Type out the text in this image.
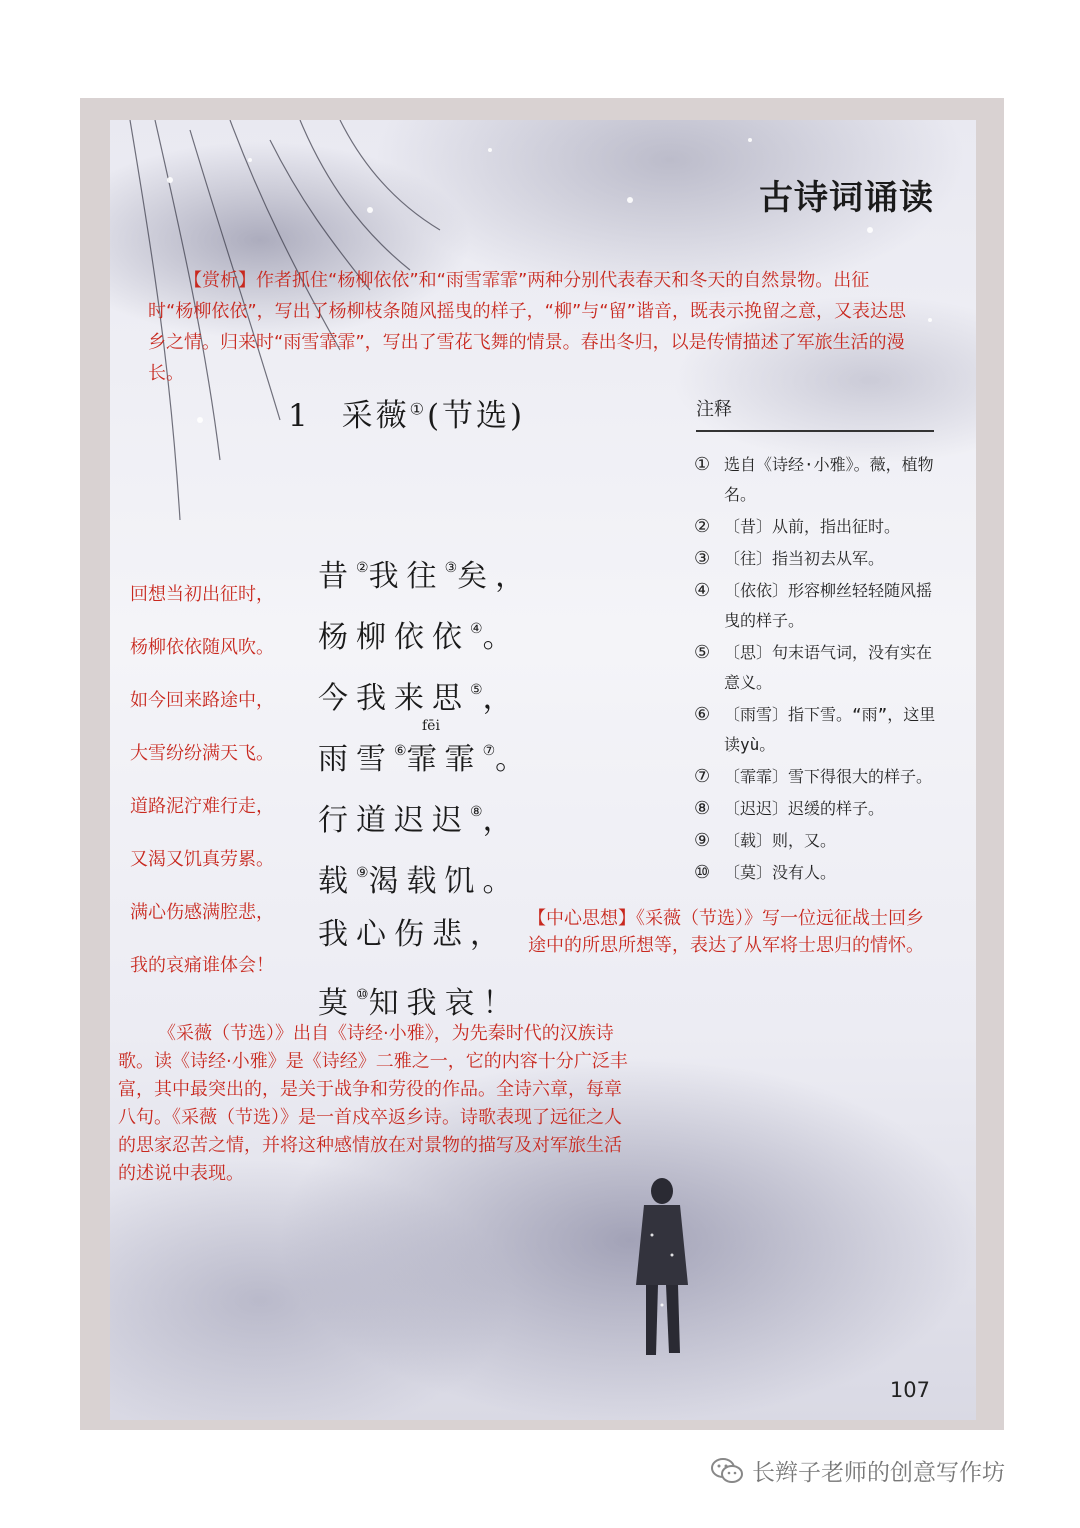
古诗词诵读

【赏析】作者抓住“杨柳依依”和“雨雪霏霏”两种分别代表春天和冬天的自然景物。出征时“杨柳依依”，写出了杨柳枝条随风摇曳的样子，“柳”与“留”谐音，既表示挽留之意，又表达思乡之情。归来时“雨雪霏霏”，写出了雪花飞舞的情景。春出冬归，以是传情描述了军旅生活的漫长。

1 采薇①(节选)	注释
① 选自《诗经·小雅》。薇，植物名。
② 〔昔〕从前，指出征时。
③ 〔往〕指当初去从军。
④ 〔依依〕形容柳丝轻轻随风摇曳的样子。
⑤ 〔思〕句末语气词，没有实在意义。
⑥ 〔雨雪〕指下雪。“雨”，这里读yù。
⑦ 〔霏霏〕雪下得很大的样子。
⑧ 〔迟迟〕迟缓的样子。
⑨ 〔载〕则，又。
⑩ 〔莫〕没有人。
昔②我往③矣，
杨柳依依④。
今我来思⑤，
fēi
雨雪⑥霏霏⑦。
行道迟迟⑧，
载⑨渴载饥。
我心伤悲，
莫⑩知我哀！
回想当初出征时，
杨柳依依随风吹。
如今回来路途中，
大雪纷纷满天飞。
道路泥泞难行走，
又渴又饥真劳累。
满心伤感满腔悲，
我的哀痛谁体会！

【中心思想】《采薇（节选）》写一位远征战士回乡途中的所思所想等，表达了从军将士思归的情怀。

《采薇（节选）》出自《诗经·小雅》，为先秦时代的汉族诗歌。读《诗经·小雅》是《诗经》二雅之一，它的内容十分广泛丰富，其中最突出的，是关于战争和劳役的作品。全诗六章，每章八句。《采薇（节选）》是一首戍卒返乡诗。诗歌表现了远征之人的思家忍苦之情，并将这种感情放在对景物的描写及对军旅生活的述说中表现。

107
长辫子老师的创意写作坊
